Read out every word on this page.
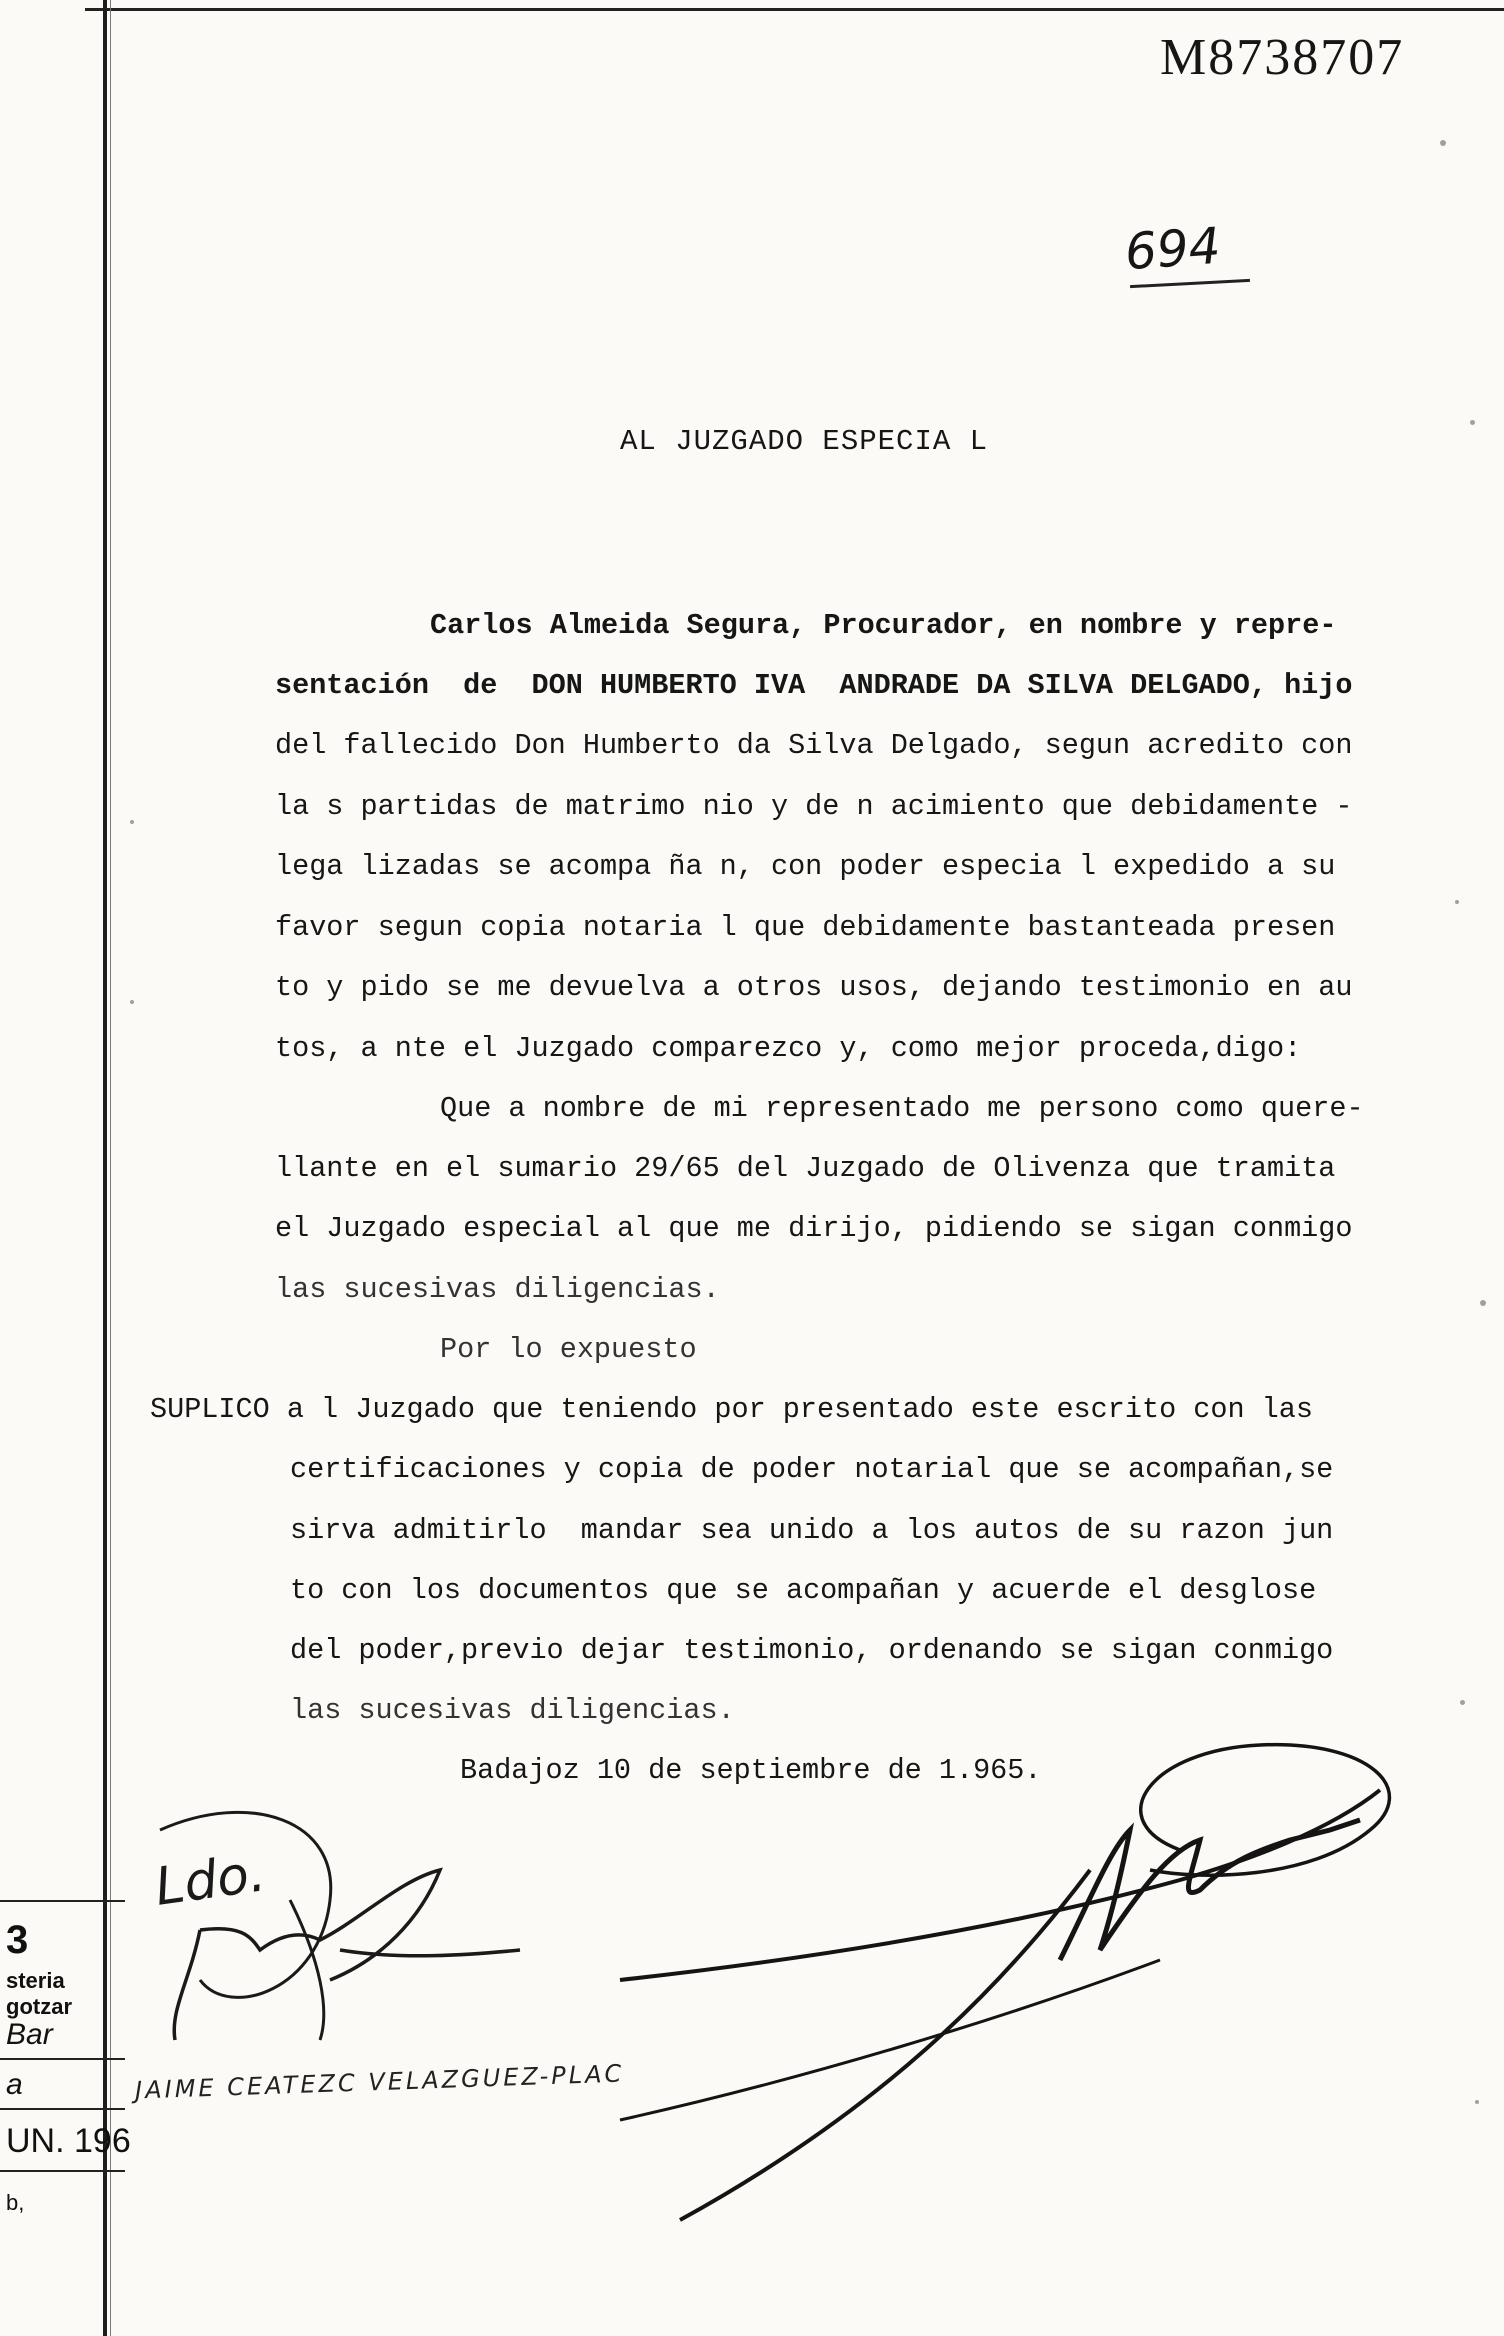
M8738707
694
AL JUZGADO ESPECIA L
Carlos Almeida Segura, Procurador, en nombre y repre-
sentación  de  DON HUMBERTO IVA  ANDRADE DA SILVA DELGADO, hijo
del fallecido Don Humberto da Silva Delgado, segun acredito con
la s partidas de matrimo nio y de n acimiento que debidamente -
lega lizadas se acompa ña n, con poder especia l expedido a su
favor segun copia notaria l que debidamente bastanteada presen
to y pido se me devuelva a otros usos, dejando testimonio en au
tos, a nte el Juzgado comparezco y, como mejor proceda,digo:
Que a nombre de mi representado me persono como quere-
llante en el sumario 29/65 del Juzgado de Olivenza que tramita
el Juzgado especial al que me dirijo, pidiendo se sigan conmigo
las sucesivas diligencias.
Por lo expuesto
SUPLICO a l Juzgado que teniendo por presentado este escrito con las
certificaciones y copia de poder notarial que se acompañan,se
sirva admitirlo  mandar sea unido a los autos de su razon jun
to con los documentos que se acompañan y acuerde el desglose
del poder,previo dejar testimonio, ordenando se sigan conmigo
las sucesivas diligencias.
Badajoz 10 de septiembre de 1.965.
Ldo.
JAIME CEATEZC VELAZGUEZ-PLAC
3
steria
gotzar
Bar
a
UN. 196
b,
